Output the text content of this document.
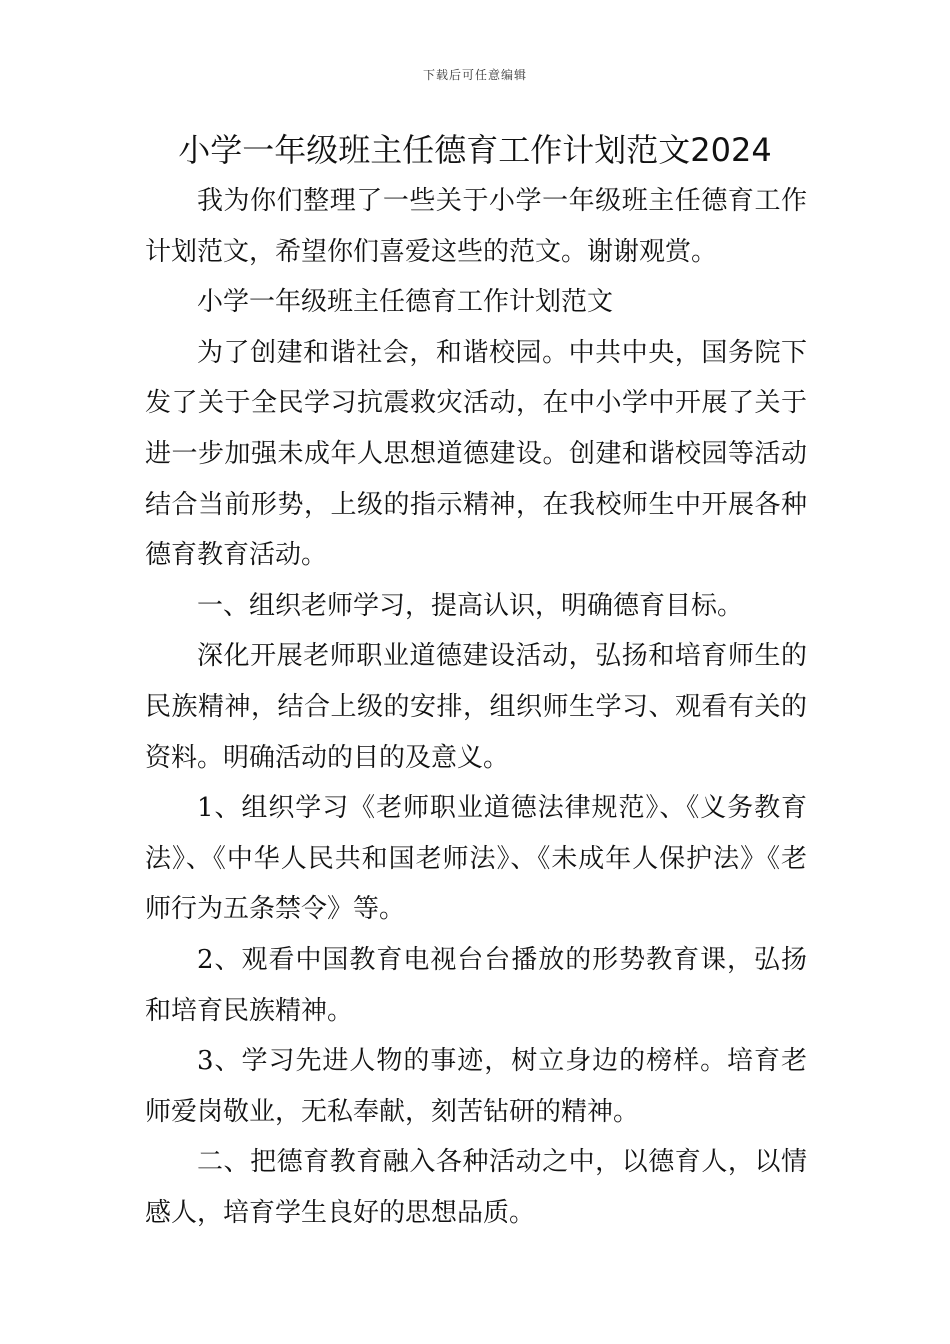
下载后可任意编辑
小学一年级班主任德育工作计划范文2024

我为你们整理了一些关于小学一年级班主任德育工作计划范文，希望你们喜爱这些的范文。谢谢观赏。

小学一年级班主任德育工作计划范文

为了创建和谐社会，和谐校园。中共中央，国务院下发了关于全民学习抗震救灾活动，在中小学中开展了关于进一步加强未成年人思想道德建设。创建和谐校园等活动结合当前形势，上级的指示精神，在我校师生中开展各种德育教育活动。

一、组织老师学习，提高认识，明确德育目标。

深化开展老师职业道德建设活动，弘扬和培育师生的民族精神，结合上级的安排，组织师生学习、观看有关的资料。明确活动的目的及意义。

1、组织学习《老师职业道德法律规范》、《义务教育法》、《中华人民共和国老师法》、《未成年人保护法》《老师行为五条禁令》等。

2、观看中国教育电视台台播放的形势教育课，弘扬和培育民族精神。

3、学习先进人物的事迹，树立身边的榜样。培育老师爱岗敬业，无私奉献，刻苦钻研的精神。

二、把德育教育融入各种活动之中，以德育人，以情感人，培育学生良好的思想品质。
